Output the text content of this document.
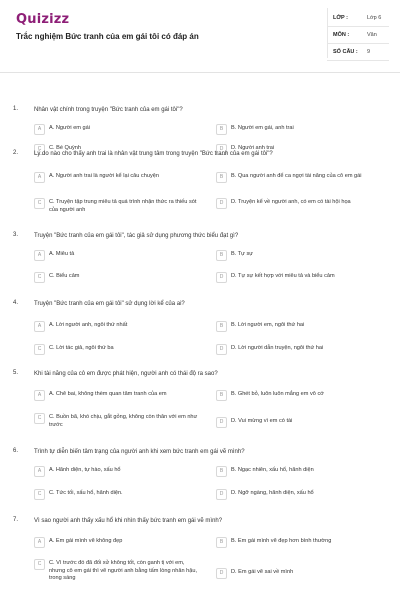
Quizizz
Trắc nghiệm Bức tranh của em gái tôi có đáp án
LỚP :	Lớp 6
MÔN :	Văn
SỐ CÂU : 9
1.	Nhân vật chính trong truyện "Bức tranh của em gái tôi"?
A	A. Người em gái	B	B. Người em gái, anh trai
C	C. Bé Quỳnh	D	D. Người anh trai
2.	Lý do nào cho thấy anh trai là nhân vật trung tâm trong truyện "Bức tranh của em gái tôi"?
A	A. Người anh trai là người kể lại câu chuyện	B	B. Qua người anh để ca ngợi tài năng của cô em gái
C	C. Truyện tập trung miêu tả quá trình nhận thức ra thiếu sót của người anh
D	D. Truyện kể về người anh, có em có tài hội họa
3.	Truyện "Bức tranh của em gái tôi", tác giả sử dụng phương thức biểu đạt gì?
A	A. Miêu tả	B	B. Tự sự
C	C. Biểu cảm	D	D. Tự sự kết hợp với miêu tả và biểu cảm
4.	Truyện "Bức tranh của em gái tôi" sử dụng lời kể của ai?
A	A. Lời người anh, ngôi thứ nhất	B	B. Lời người em, ngôi thứ hai
C	C. Lời tác giả, ngôi thứ ba	D	D. Lời người dẫn truyện, ngôi thứ hai
5.	Khi tài năng của cô em được phát hiện, người anh có thái độ ra sao?
A	A. Chê bai, không thèm quan tâm tranh của em	B	B. Ghét bỏ, luôn luôn mắng em vô cớ
C	C. Buồn bã, khó chịu, gắt gỏng, không còn thân với em như trước	D	D. Vui mừng vì em có tài
6.	Trình tự diễn biến tâm trạng của người anh khi xem bức tranh em gái vẽ mình?
A	A. Hãnh diện, tự hào, xấu hổ	B	B. Ngạc nhiên, xấu hổ, hãnh diện
C	C. Tức tối, xấu hổ, hãnh diện.	D	D. Ngỡ ngàng, hãnh diện, xấu hổ
7.	Vì sao người anh thấy xấu hổ khi nhìn thấy bức tranh em gái vẽ mình?
A	A. Em gái mình vẽ không đẹp	B	B. Em gái mình vẽ đẹp hơn bình thường
C	C. Vì trước đó đã đối xử không tốt, còn ganh tị với em, nhưng cô em gái thì vẽ người anh bằng tấm lòng nhân hậu, trong sáng
D	D. Em gái vẽ sai về mình
